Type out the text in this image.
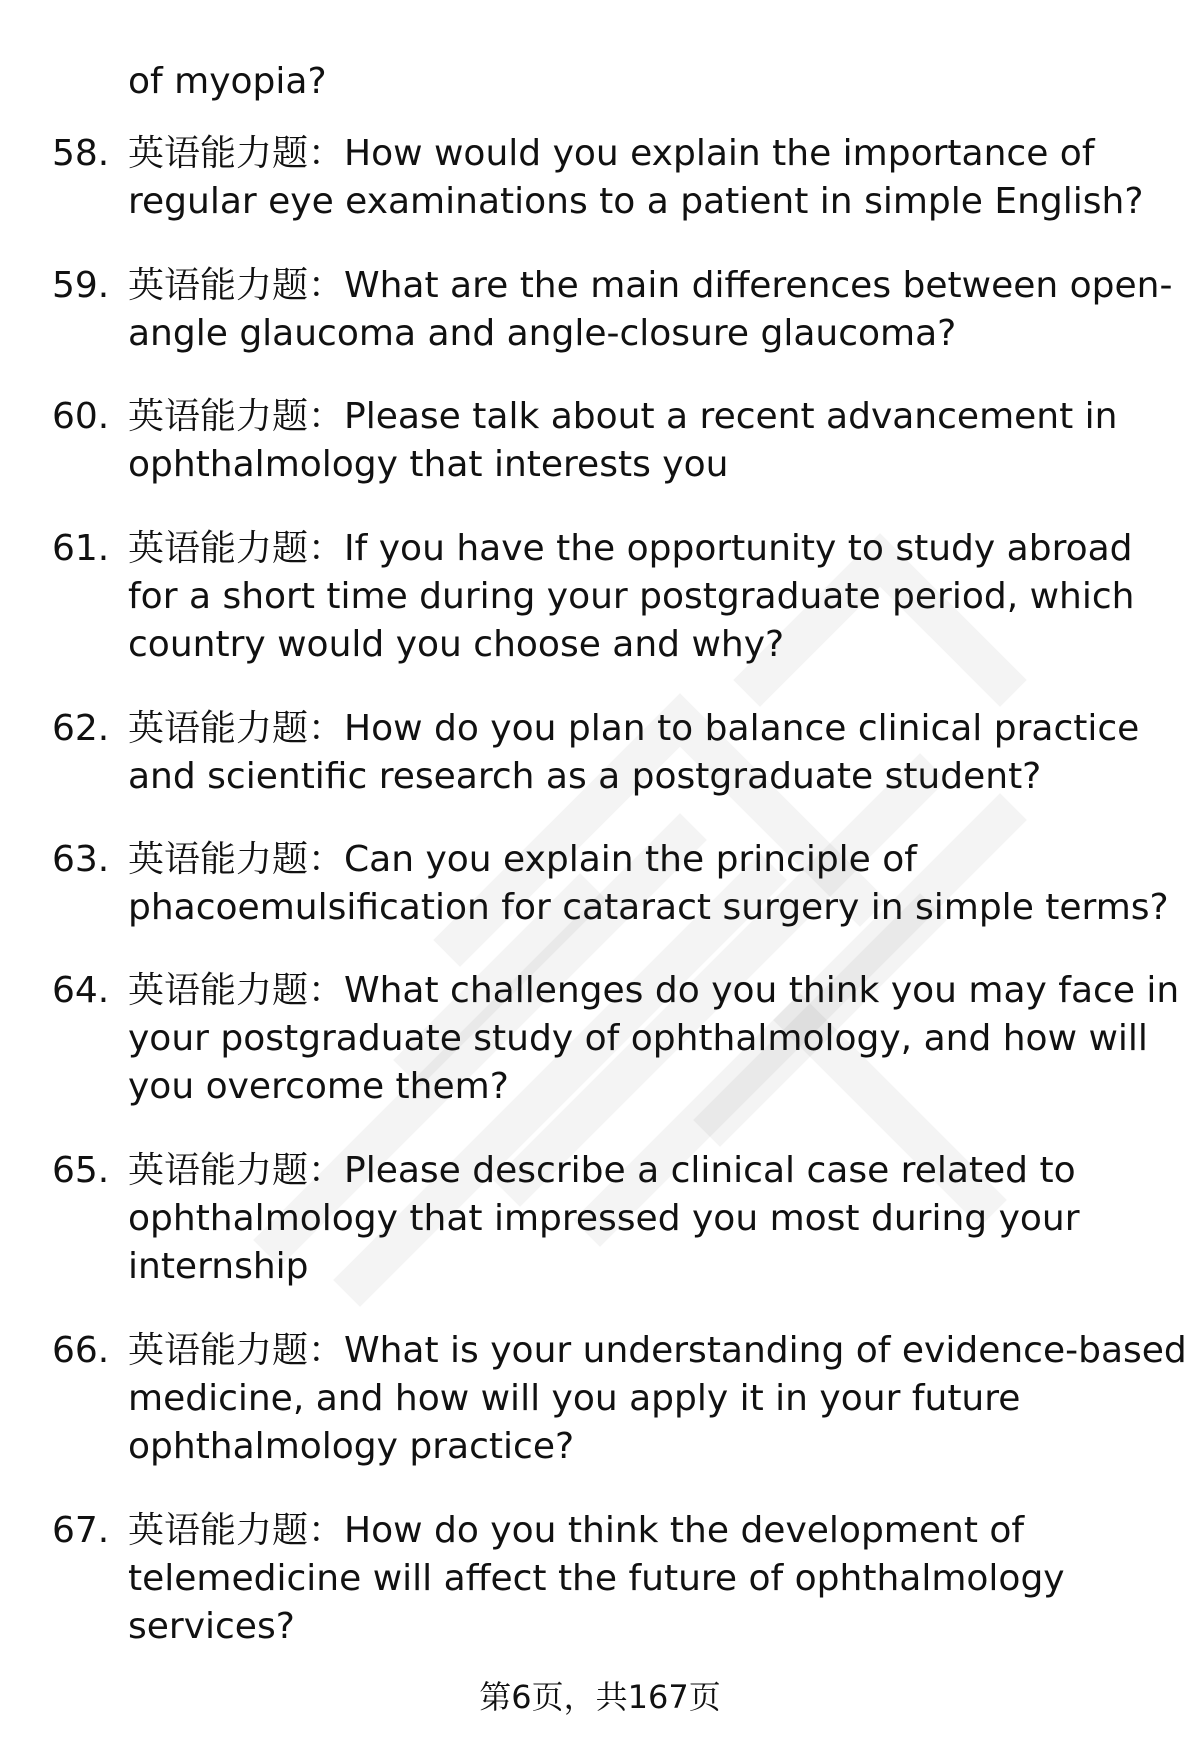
of myopia?
58. 英语能力题：How would you explain the importance of
regular eye examinations to a patient in simple English?
59. 英语能力题：What are the main differences between open-
angle glaucoma and angle-closure glaucoma?
60. 英语能力题：Please talk about a recent advancement in
ophthalmology that interests you
61. 英语能力题：If you have the opportunity to study abroad
for a short time during your postgraduate period, which
country would you choose and why?
62. 英语能力题：How do you plan to balance clinical practice
and scientific research as a postgraduate student?
63. 英语能力题：Can you explain the principle of
phacoemulsification for cataract surgery in simple terms?
64. 英语能力题：What challenges do you think you may face in
your postgraduate study of ophthalmology, and how will
you overcome them?
65. 英语能力题：Please describe a clinical case related to
ophthalmology that impressed you most during your
internship
66. 英语能力题：What is your understanding of evidence-based
medicine, and how will you apply it in your future
ophthalmology practice?
67. 英语能力题：How do you think the development of
telemedicine will affect the future of ophthalmology
services?
第6页，共167页
